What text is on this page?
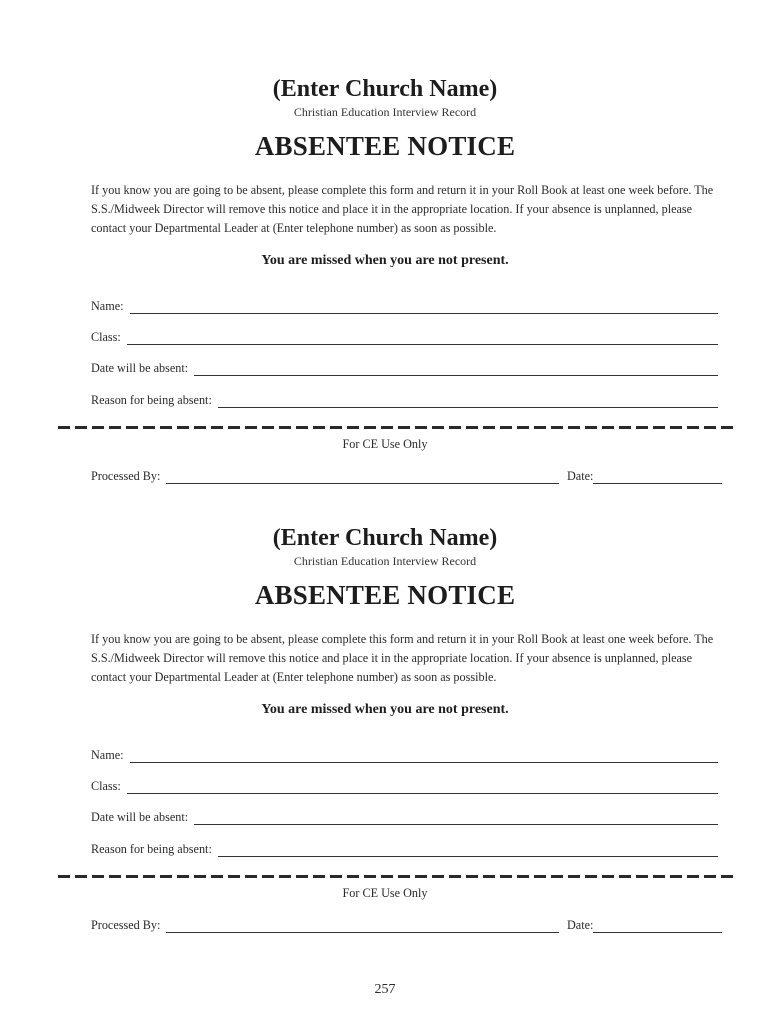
(Enter Church Name)
Christian Education Interview Record
ABSENTEE NOTICE
If you know you are going to be absent, please complete this form and return it in your Roll Book at least one week before. The S.S./Midweek Director will remove this notice and place it in the appropriate location. If your absence is unplanned, please contact your Departmental Leader at (Enter telephone number) as soon as possible.
You are missed when you are not present.
Name:
Class:
Date will be absent:
Reason for being absent:
For CE Use Only
Processed By:	Date:
(Enter Church Name)
Christian Education Interview Record
ABSENTEE NOTICE
If you know you are going to be absent, please complete this form and return it in your Roll Book at least one week before. The S.S./Midweek Director will remove this notice and place it in the appropriate location. If your absence is unplanned, please contact your Departmental Leader at (Enter telephone number) as soon as possible.
You are missed when you are not present.
Name:
Class:
Date will be absent:
Reason for being absent:
For CE Use Only
Processed By:	Date:
257
